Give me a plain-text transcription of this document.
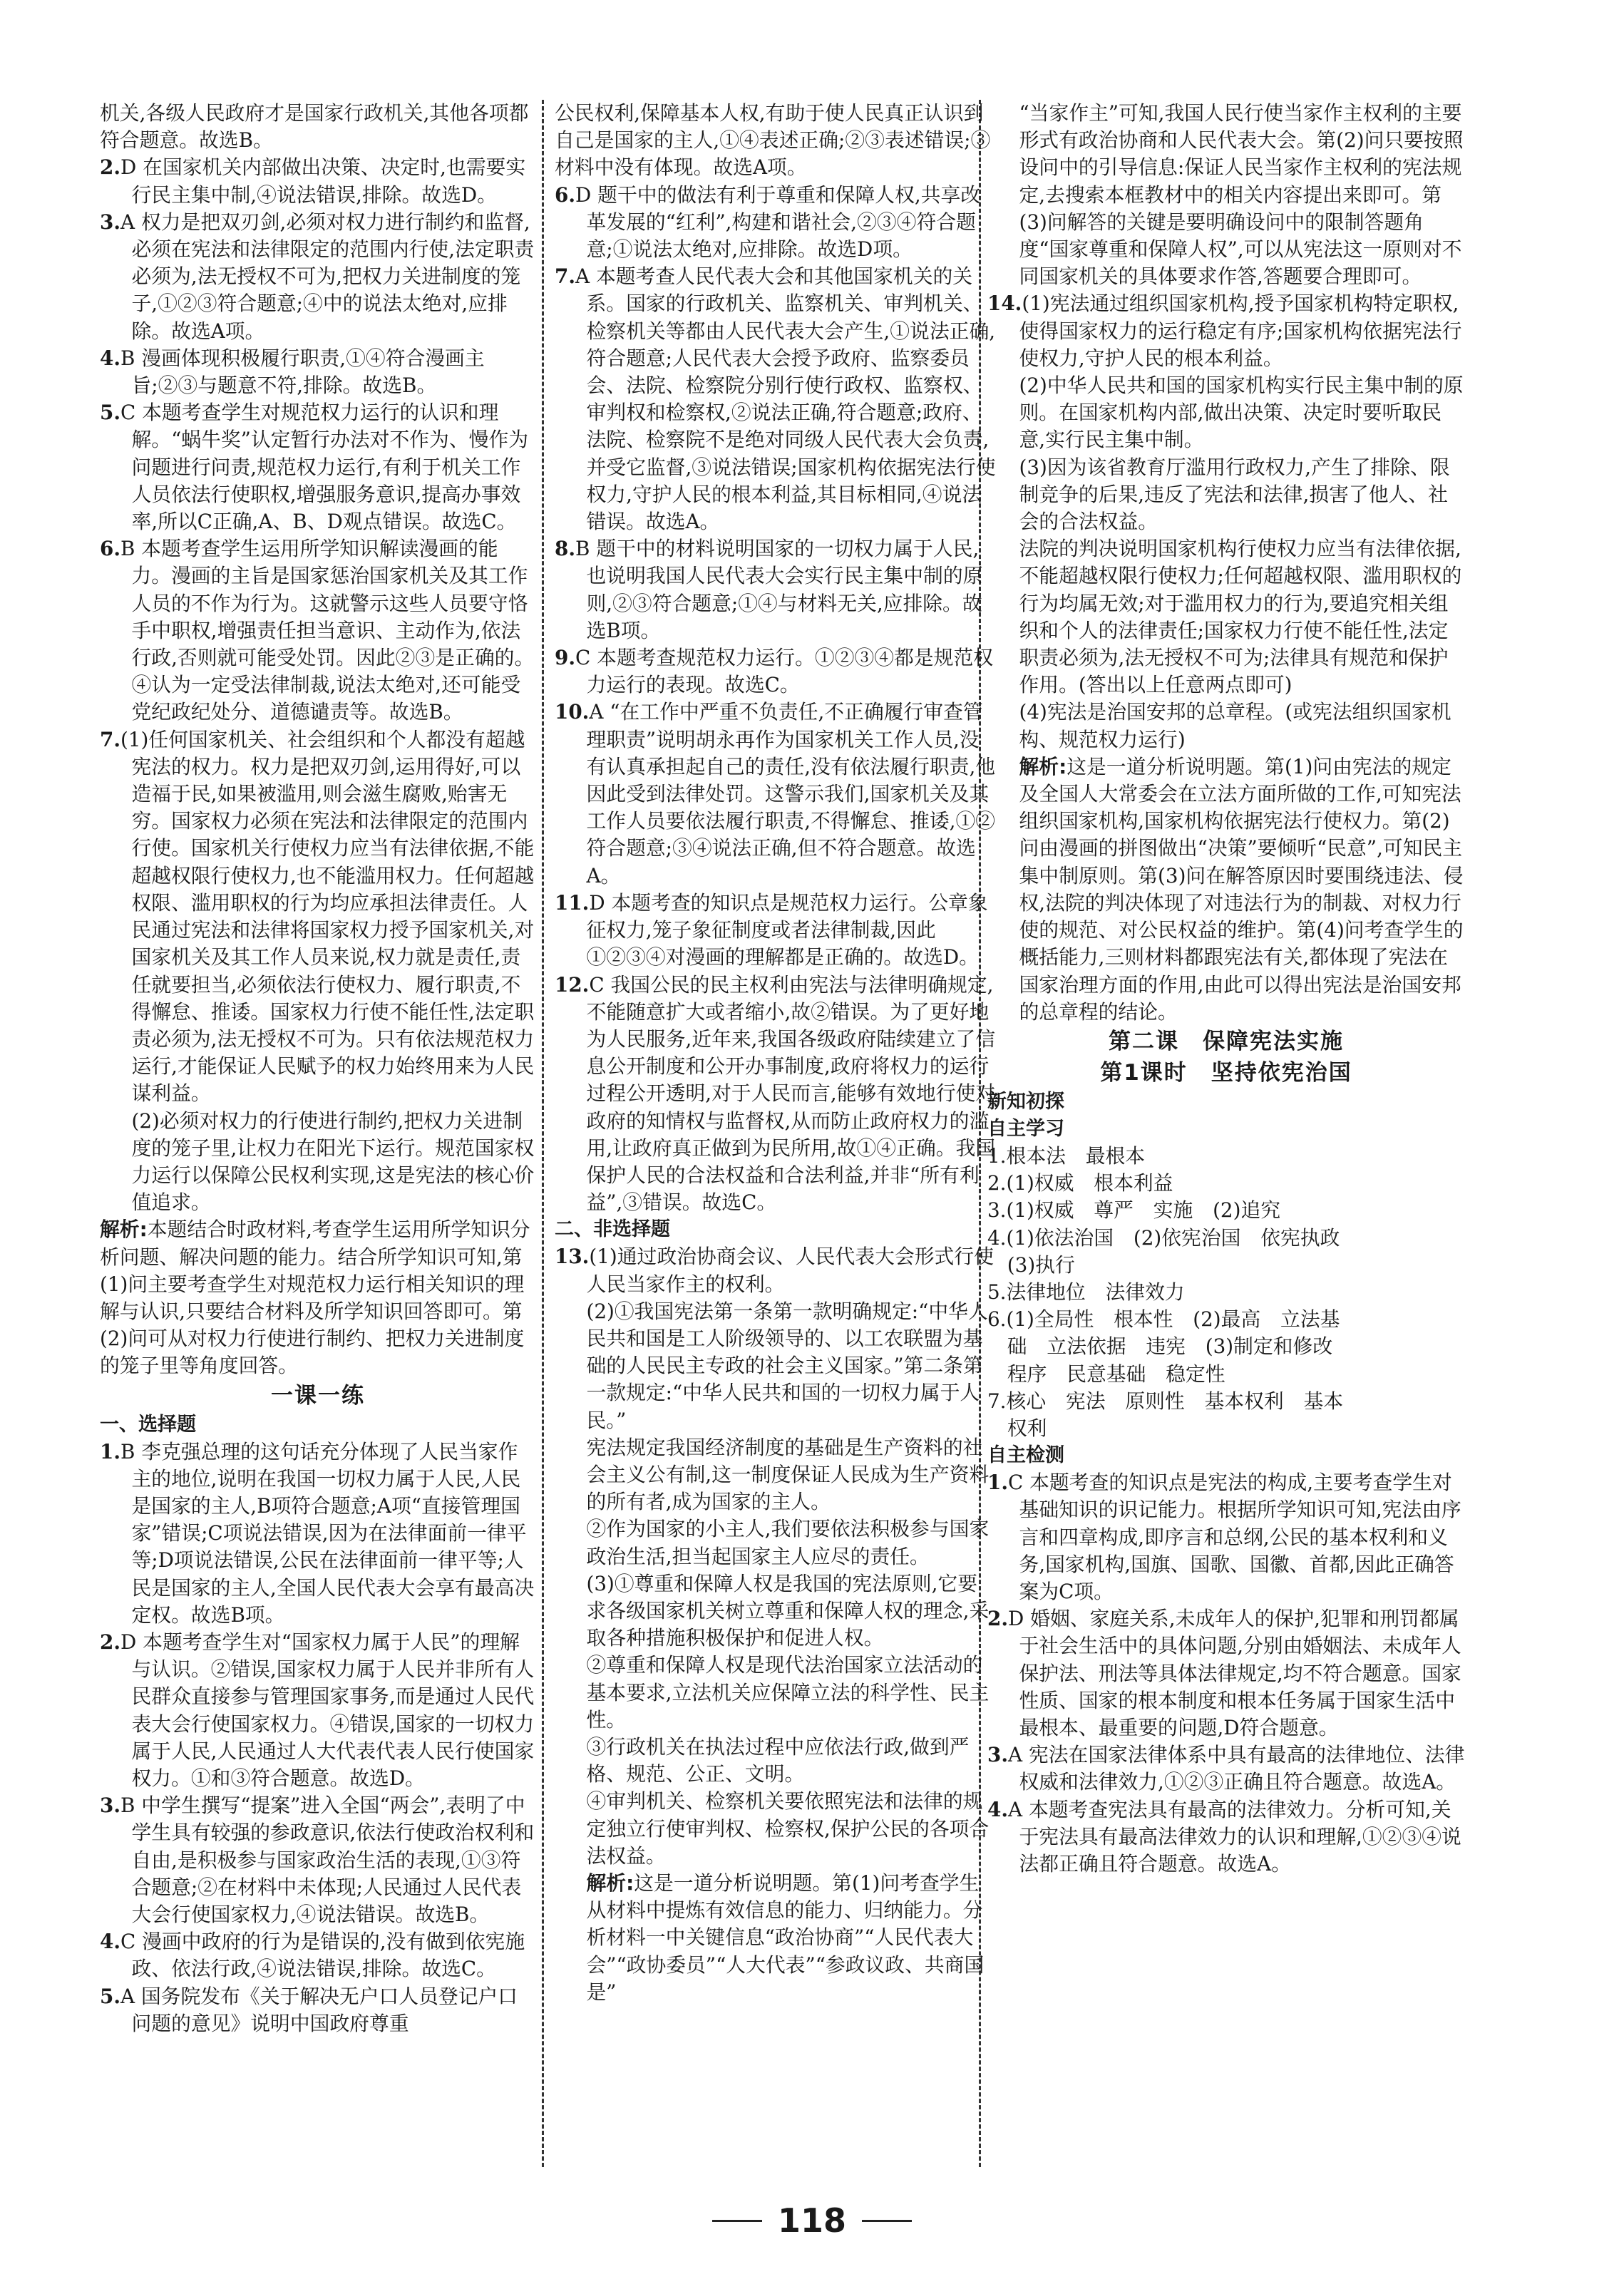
机关,各级人民政府才是国家行政机关,其他各项都符合题意。故选B。
2.D 在国家机关内部做出决策、决定时,也需要实行民主集中制,④说法错误,排除。故选D。
3.A 权力是把双刃剑,必须对权力进行制约和监督,必须在宪法和法律限定的范围内行使,法定职责必须为,法无授权不可为,把权力关进制度的笼子,①②③符合题意;④中的说法太绝对,应排除。故选A项。
4.B 漫画体现积极履行职责,①④符合漫画主旨;②③与题意不符,排除。故选B。
5.C 本题考查学生对规范权力运行的认识和理解。“蜗牛奖”认定暂行办法对不作为、慢作为问题进行问责,规范权力运行,有利于机关工作人员依法行使职权,增强服务意识,提高办事效率,所以C正确,A、B、D观点错误。故选C。
6.B 本题考查学生运用所学知识解读漫画的能力。漫画的主旨是国家惩治国家机关及其工作人员的不作为行为。这就警示这些人员要守恪手中职权,增强责任担当意识、主动作为,依法行政,否则就可能受处罚。因此②③是正确的。④认为一定受法律制裁,说法太绝对,还可能受党纪政纪处分、道德谴责等。故选B。
7.(1)任何国家机关、社会组织和个人都没有超越宪法的权力。权力是把双刃剑,运用得好,可以造福于民,如果被滥用,则会滋生腐败,贻害无穷。国家权力必须在宪法和法律限定的范围内行使。国家机关行使权力应当有法律依据,不能超越权限行使权力,也不能滥用权力。任何超越权限、滥用职权的行为均应承担法律责任。人民通过宪法和法律将国家权力授予国家机关,对国家机关及其工作人员来说,权力就是责任,责任就要担当,必须依法行使权力、履行职责,不得懈怠、推诿。国家权力行使不能任性,法定职责必须为,法无授权不可为。只有依法规范权力运行,才能保证人民赋予的权力始终用来为人民谋利益。
(2)必须对权力的行使进行制约,把权力关进制度的笼子里,让权力在阳光下运行。规范国家权力运行以保障公民权利实现,这是宪法的核心价值追求。
解析:本题结合时政材料,考查学生运用所学知识分析问题、解决问题的能力。结合所学知识可知,第(1)问主要考查学生对规范权力运行相关知识的理解与认识,只要结合材料及所学知识回答即可。第(2)问可从对权力行使进行制约、把权力关进制度的笼子里等角度回答。
一课一练
一、选择题
1.B 李克强总理的这句话充分体现了人民当家作主的地位,说明在我国一切权力属于人民,人民是国家的主人,B项符合题意;A项“直接管理国家”错误;C项说法错误,因为在法律面前一律平等;D项说法错误,公民在法律面前一律平等;人民是国家的主人,全国人民代表大会享有最高决定权。故选B项。
2.D 本题考查学生对“国家权力属于人民”的理解与认识。②错误,国家权力属于人民并非所有人民群众直接参与管理国家事务,而是通过人民代表大会行使国家权力。④错误,国家的一切权力属于人民,人民通过人大代表代表人民行使国家权力。①和③符合题意。故选D。
3.B 中学生撰写“提案”进入全国“两会”,表明了中学生具有较强的参政意识,依法行使政治权利和自由,是积极参与国家政治生活的表现,①③符合题意;②在材料中未体现;人民通过人民代表大会行使国家权力,④说法错误。故选B。
4.C 漫画中政府的行为是错误的,没有做到依宪施政、依法行政,④说法错误,排除。故选C。
5.A 国务院发布《关于解决无户口人员登记户口问题的意见》说明中国政府尊重
公民权利,保障基本人权,有助于使人民真正认识到自己是国家的主人,①④表述正确;②③表述错误;③材料中没有体现。故选A项。
6.D 题干中的做法有利于尊重和保障人权,共享改革发展的“红利”,构建和谐社会,②③④符合题意;①说法太绝对,应排除。故选D项。
7.A 本题考查人民代表大会和其他国家机关的关系。国家的行政机关、监察机关、审判机关、检察机关等都由人民代表大会产生,①说法正确,符合题意;人民代表大会授予政府、监察委员会、法院、检察院分别行使行政权、监察权、审判权和检察权,②说法正确,符合题意;政府、法院、检察院不是绝对同级人民代表大会负责,并受它监督,③说法错误;国家机构依据宪法行使权力,守护人民的根本利益,其目标相同,④说法错误。故选A。
8.B 题干中的材料说明国家的一切权力属于人民,也说明我国人民代表大会实行民主集中制的原则,②③符合题意;①④与材料无关,应排除。故选B项。
9.C 本题考查规范权力运行。①②③④都是规范权力运行的表现。故选C。
10.A “在工作中严重不负责任,不正确履行审查管理职责”说明胡永再作为国家机关工作人员,没有认真承担起自己的责任,没有依法履行职责,他因此受到法律处罚。这警示我们,国家机关及其工作人员要依法履行职责,不得懈怠、推诿,①②符合题意;③④说法正确,但不符合题意。故选A。
11.D 本题考查的知识点是规范权力运行。公章象征权力,笼子象征制度或者法律制裁,因此①②③④对漫画的理解都是正确的。故选D。
12.C 我国公民的民主权利由宪法与法律明确规定,不能随意扩大或者缩小,故②错误。为了更好地为人民服务,近年来,我国各级政府陆续建立了信息公开制度和公开办事制度,政府将权力的运行过程公开透明,对于人民而言,能够有效地行使对政府的知情权与监督权,从而防止政府权力的滥用,让政府真正做到为民所用,故①④正确。我国保护人民的合法权益和合法利益,并非“所有利益”,③错误。故选C。
二、非选择题
13.(1)通过政治协商会议、人民代表大会形式行使人民当家作主的权利。
(2)①我国宪法第一条第一款明确规定:“中华人民共和国是工人阶级领导的、以工农联盟为基础的人民民主专政的社会主义国家。”第二条第一款规定:“中华人民共和国的一切权力属于人民。”
宪法规定我国经济制度的基础是生产资料的社会主义公有制,这一制度保证人民成为生产资料的所有者,成为国家的主人。
②作为国家的小主人,我们要依法积极参与国家政治生活,担当起国家主人应尽的责任。
(3)①尊重和保障人权是我国的宪法原则,它要求各级国家机关树立尊重和保障人权的理念,采取各种措施积极保护和促进人权。
②尊重和保障人权是现代法治国家立法活动的基本要求,立法机关应保障立法的科学性、民主性。
③行政机关在执法过程中应依法行政,做到严格、规范、公正、文明。
④审判机关、检察机关要依照宪法和法律的规定独立行使审判权、检察权,保护公民的各项合法权益。
解析:这是一道分析说明题。第(1)问考查学生从材料中提炼有效信息的能力、归纳能力。分析材料一中关键信息“政治协商”“人民代表大会”“政协委员”“人大代表”“参政议政、共商国是”
“当家作主”可知,我国人民行使当家作主权利的主要形式有政治协商和人民代表大会。第(2)问只要按照设问中的引导信息:保证人民当家作主权利的宪法规定,去搜索本框教材中的相关内容提出来即可。第(3)问解答的关键是要明确设问中的限制答题角度“国家尊重和保障人权”,可以从宪法这一原则对不同国家机关的具体要求作答,答题要合理即可。
14.(1)宪法通过组织国家机构,授予国家机构特定职权,使得国家权力的运行稳定有序;国家机构依据宪法行使权力,守护人民的根本利益。
(2)中华人民共和国的国家机构实行民主集中制的原则。在国家机构内部,做出决策、决定时要听取民意,实行民主集中制。
(3)因为该省教育厅滥用行政权力,产生了排除、限制竞争的后果,违反了宪法和法律,损害了他人、社会的合法权益。
法院的判决说明国家机构行使权力应当有法律依据,不能超越权限行使权力;任何超越权限、滥用职权的行为均属无效;对于滥用权力的行为,要追究相关组织和个人的法律责任;国家权力行使不能任性,法定职责必须为,法无授权不可为;法律具有规范和保护作用。(答出以上任意两点即可)
(4)宪法是治国安邦的总章程。(或宪法组织国家机构、规范权力运行)
解析:这是一道分析说明题。第(1)问由宪法的规定及全国人大常委会在立法方面所做的工作,可知宪法组织国家机构,国家机构依据宪法行使权力。第(2)问由漫画的拼图做出“决策”要倾听“民意”,可知民主集中制原则。第(3)问在解答原因时要围绕违法、侵权,法院的判决体现了对违法行为的制裁、对权力行使的规范、对公民权益的维护。第(4)问考查学生的概括能力,三则材料都跟宪法有关,都体现了宪法在国家治理方面的作用,由此可以得出宪法是治国安邦的总章程的结论。
第二课　保障宪法实施
第1课时　坚持依宪治国
新知初探
自主学习
1.根本法　最根本
2.(1)权威　根本利益
3.(1)权威　尊严　实施　(2)追究
4.(1)依法治国　(2)依宪治国　依宪执政
　(3)执行
5.法律地位　法律效力
6.(1)全局性　根本性　(2)最高　立法基
　础　立法依据　违宪　(3)制定和修改
　程序　民意基础　稳定性
7.核心　宪法　原则性　基本权利　基本
　权利
自主检测
1.C 本题考查的知识点是宪法的构成,主要考查学生对基础知识的识记能力。根据所学知识可知,宪法由序言和四章构成,即序言和总纲,公民的基本权利和义务,国家机构,国旗、国歌、国徽、首都,因此正确答案为C项。
2.D 婚姻、家庭关系,未成年人的保护,犯罪和刑罚都属于社会生活中的具体问题,分别由婚姻法、未成年人保护法、刑法等具体法律规定,均不符合题意。国家性质、国家的根本制度和根本任务属于国家生活中最根本、最重要的问题,D符合题意。
3.A 宪法在国家法律体系中具有最高的法律地位、法律权威和法律效力,①②③正确且符合题意。故选A。
4.A 本题考查宪法具有最高的法律效力。分析可知,关于宪法具有最高法律效力的认识和理解,①②③④说法都正确且符合题意。故选A。
118
